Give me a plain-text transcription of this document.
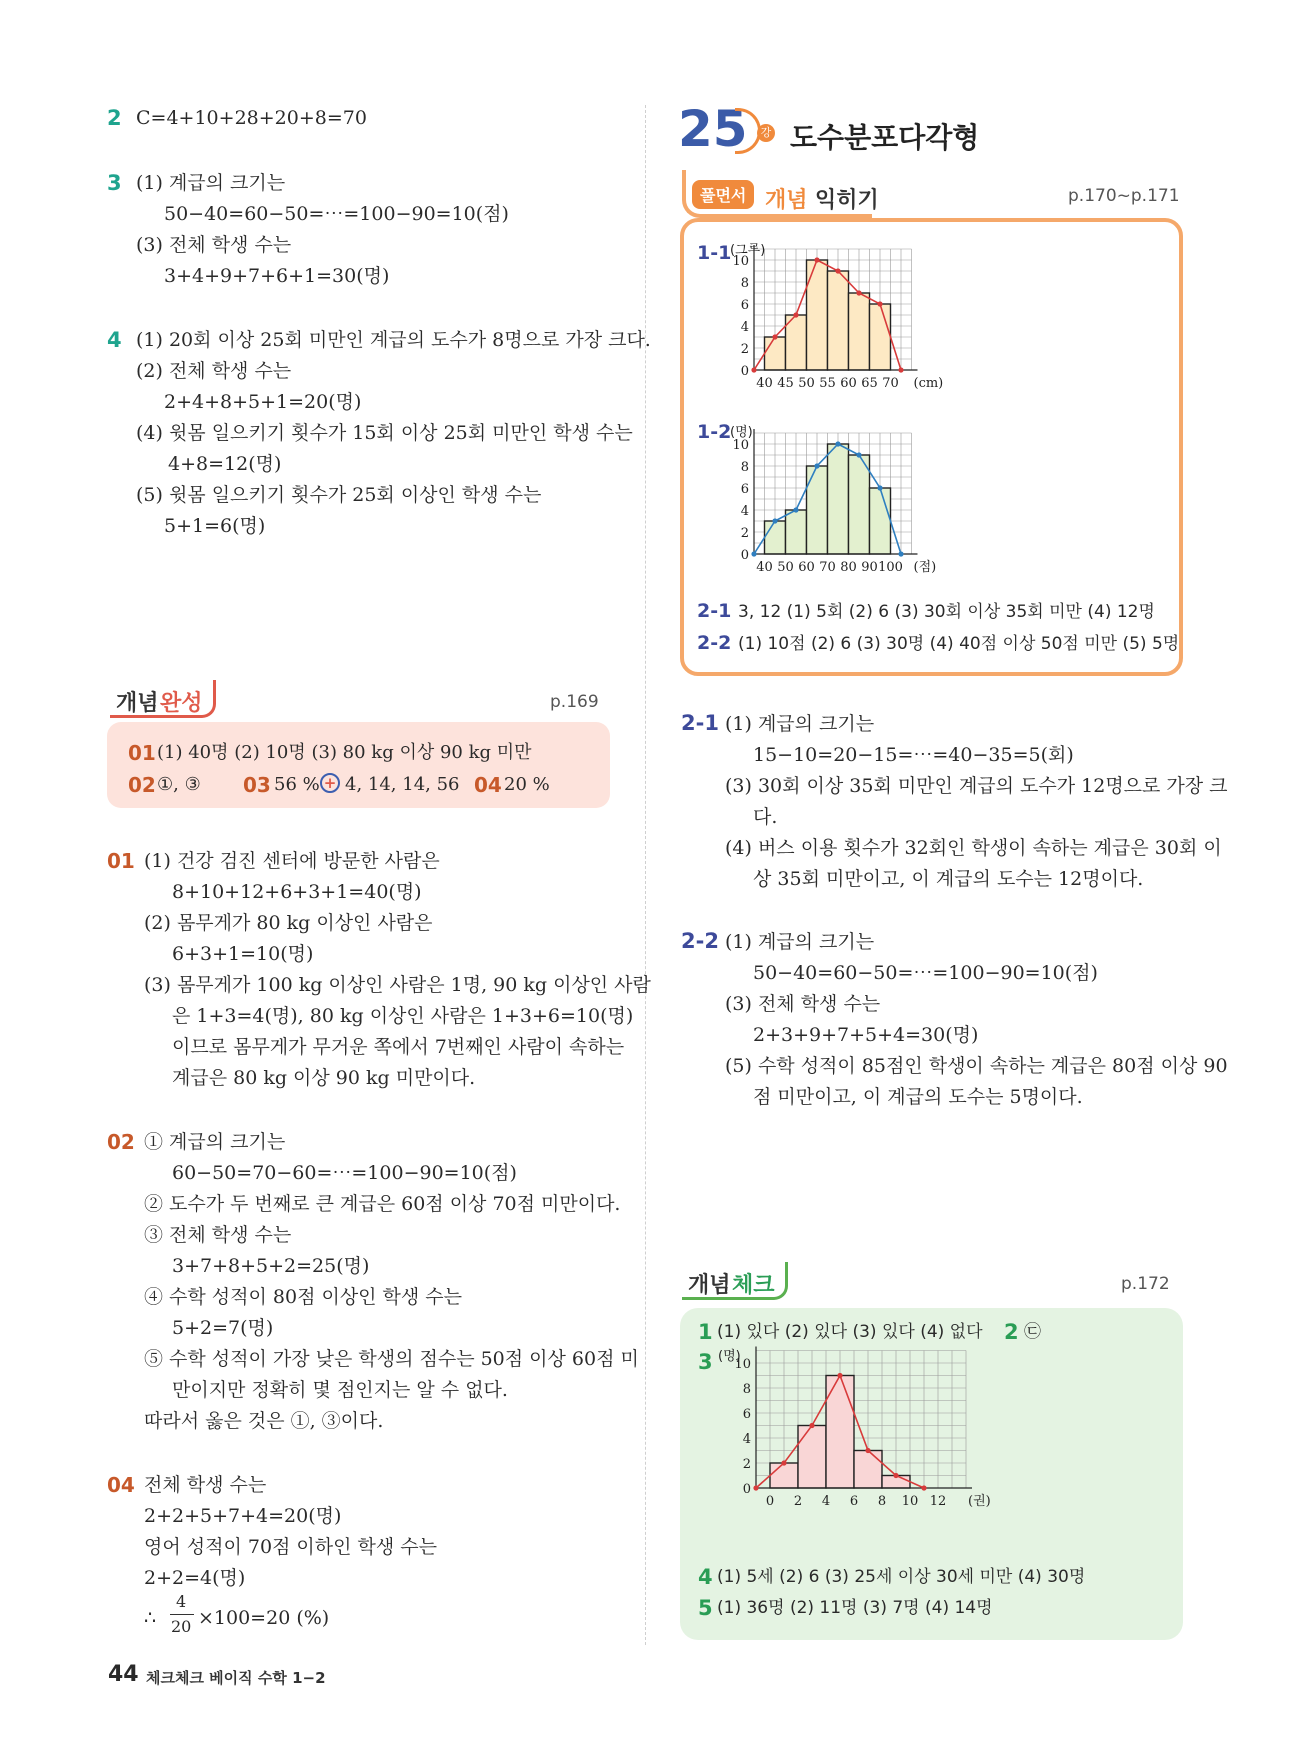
2 C=4+10+28+20+8=70
3 (1) 계급의 크기는
50−40=60−50=⋯=100−90=10(점)
(3) 전체 학생 수는
3+4+9+7+6+1=30(명)
4 (1) 20회 이상 25회 미만인 계급의 도수가 8명으로 가장 크다.
(2) 전체 학생 수는
2+4+8+5+1=20(명)
(4) 윗몸 일으키기 횟수가 15회 이상 25회 미만인 학생 수는
4+8=12(명)
(5) 윗몸 일으키기 횟수가 25회 이상인 학생 수는
5+1=6(명)
개념 완성	p.169
01 (1) 40명 (2) 10명 (3) 80 kg 이상 90 kg 미만
02 ①, ③ 03 56 % + 4, 14, 14, 56 04 20 %
01 (1) 건강 검진 센터에 방문한 사람은
8+10+12+6+3+1=40(명)
(2) 몸무게가 80 kg 이상인 사람은
6+3+1=10(명)
(3) 몸무게가 100 kg 이상인 사람은 1명, 90 kg 이상인 사람
은 1+3=4(명), 80 kg 이상인 사람은 1+3+6=10(명)
이므로 몸무게가 무거운 쪽에서 7번째인 사람이 속하는
계급은 80 kg 이상 90 kg 미만이다.
02 ① 계급의 크기는
60−50=70−60=⋯=100−90=10(점)
② 도수가 두 번째로 큰 계급은 60점 이상 70점 미만이다.
③ 전체 학생 수는
3+7+8+5+2=25(명)
④ 수학 성적이 80점 이상인 학생 수는
5+2=7(명)
⑤ 수학 성적이 가장 낮은 학생의 점수는 50점 이상 60점 미
만이지만 정확히 몇 점인지는 알 수 없다.
따라서 옳은 것은 ①, ③이다.
04 전체 학생 수는
2+2+5+7+4=20(명)
영어 성적이 70점 이하인 학생 수는
2+2=4(명)
∴
4
20 ×100=20 (%)
25	강 도수분포다각형
풀면서 개념 익히기	p.170~p.171
1-1
0
2
4
6
8
10
40 45 50 55 60 65 70
(그루)
(cm)
1-2
0
2
4
6
8
10
40 50 60 70 80 90 100
(명)
(점)
2-1 3, 12 (1) 5회 (2) 6 (3) 30회 이상 35회 미만 (4) 12명
2-2 (1) 10점 (2) 6 (3) 30명 (4) 40점 이상 50점 미만 (5) 5명
2-1 (1) 계급의 크기는
15−10=20−15=⋯=40−35=5(회)
(3) 30회 이상 35회 미만인 계급의 도수가 12명으로 가장 크
다.
(4) 버스 이용 횟수가 32회인 학생이 속하는 계급은 30회 이
상 35회 미만이고, 이 계급의 도수는 12명이다.
2-2 (1) 계급의 크기는
50−40=60−50=⋯=100−90=10(점)
(3) 전체 학생 수는
2+3+9+7+5+4=30(명)
(5) 수학 성적이 85점인 학생이 속하는 계급은 80점 이상 90
점 미만이고, 이 계급의 도수는 5명이다.
개념 체크	p.172
1 (1) 있다 (2) 있다 (3) 있다 (4) 없다 2 ㉢
3
0
2
4
6
8
10
0 2 4 6 8 10 12
(명)
(권)
4 (1) 5세 (2) 6 (3) 25세 이상 30세 미만 (4) 30명
5 (1) 36명 (2) 11명 (3) 7명 (4) 14명
44 체크체크 베이직 수학 1−2
